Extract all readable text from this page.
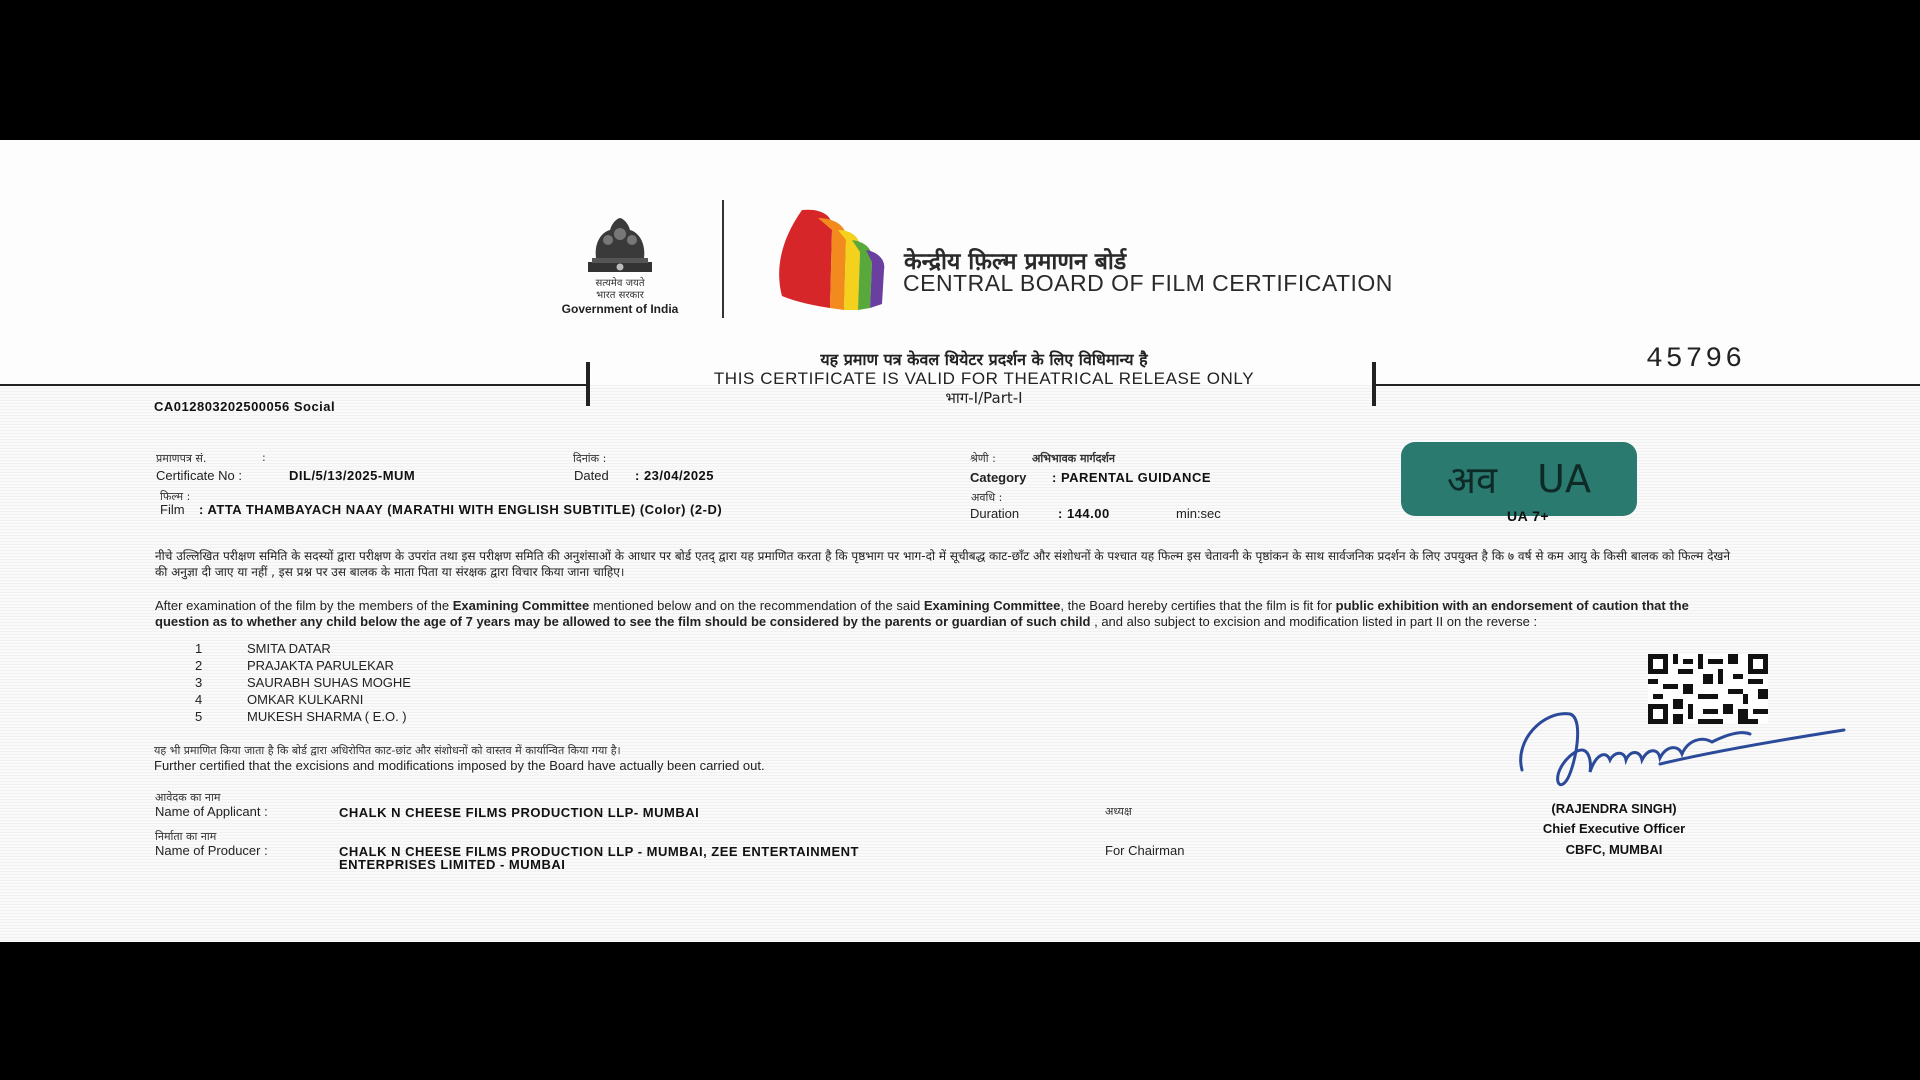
सत्यमेव जयते
भारत सरकार
Government of India
केन्द्रीय फ़िल्म प्रमाणन बोर्ड
CENTRAL BOARD OF FILM CERTIFICATION
यह प्रमाण पत्र केवल थियेटर प्रदर्शन के लिए विधिमान्य है
THIS CERTIFICATE IS VALID FOR THEATRICAL RELEASE ONLY
भाग-I/Part-I
45796
CA012803202500056 Social
प्रमाणपत्र सं.	:
Certificate No :	DIL/5/13/2025-MUM
दिनांक :
Dated : 23/04/2025
श्रेणी :	अभिभावक मार्गदर्शन
Category : PARENTAL GUIDANCE
फिल्म :
Film : ATTA THAMBAYACH NAAY (MARATHI WITH ENGLISH SUBTITLE) (Color) (2-D)
अवधि :
Duration	: 144.00	min:sec
अव UA
UA 7+
नीचे उल्लिखित परीक्षण समिति के सदस्यों द्वारा परीक्षण के उपरांत तथा इस परीक्षण समिति की अनुशंसाओं के आधार पर बोर्ड एतद् द्वारा यह प्रमाणित करता है कि पृष्ठभाग पर भाग-दो में सूचीबद्ध काट-छाँट और संशोधनों के पश्चात यह फिल्म इस चेतावनी के पृष्ठांकन के साथ सार्वजनिक प्रदर्शन के लिए उपयुक्त है कि ७ वर्ष से कम आयु के किसी बालक को फिल्म देखने की अनुज्ञा दी जाए या नहीं , इस प्रश्न पर उस बालक के माता पिता या संरक्षक द्वारा विचार किया जाना चाहिए।
After examination of the film by the members of the Examining Committee mentioned below and on the recommendation of the said Examining Committee, the Board hereby certifies that the film is fit for public exhibition with an endorsement of caution that the question as to whether any child below the age of 7 years may be allowed to see the film should be considered by the parents or guardian of such child , and also subject to excision and modification listed in part II on the reverse :
1	SMITA DATAR
2	PRAJAKTA PARULEKAR
3	SAURABH SUHAS MOGHE
4	OMKAR KULKARNI
5	MUKESH SHARMA ( E.O. )
यह भी प्रमाणित किया जाता है कि बोर्ड द्वारा अधिरोपित काट-छांट और संशोधनों को वास्तव में कार्यान्वित किया गया है।
Further certified that the excisions and modifications imposed by the Board have actually been carried out.
आवेदक का नाम
Name of Applicant :	CHALK N CHEESE FILMS PRODUCTION LLP- MUMBAI
निर्माता का नाम
Name of Producer :	CHALK N CHEESE FILMS PRODUCTION LLP - MUMBAI, ZEE ENTERTAINMENT
ENTERPRISES LIMITED - MUMBAI
अध्यक्ष
For Chairman
(RAJENDRA SINGH)
Chief Executive Officer
CBFC, MUMBAI
